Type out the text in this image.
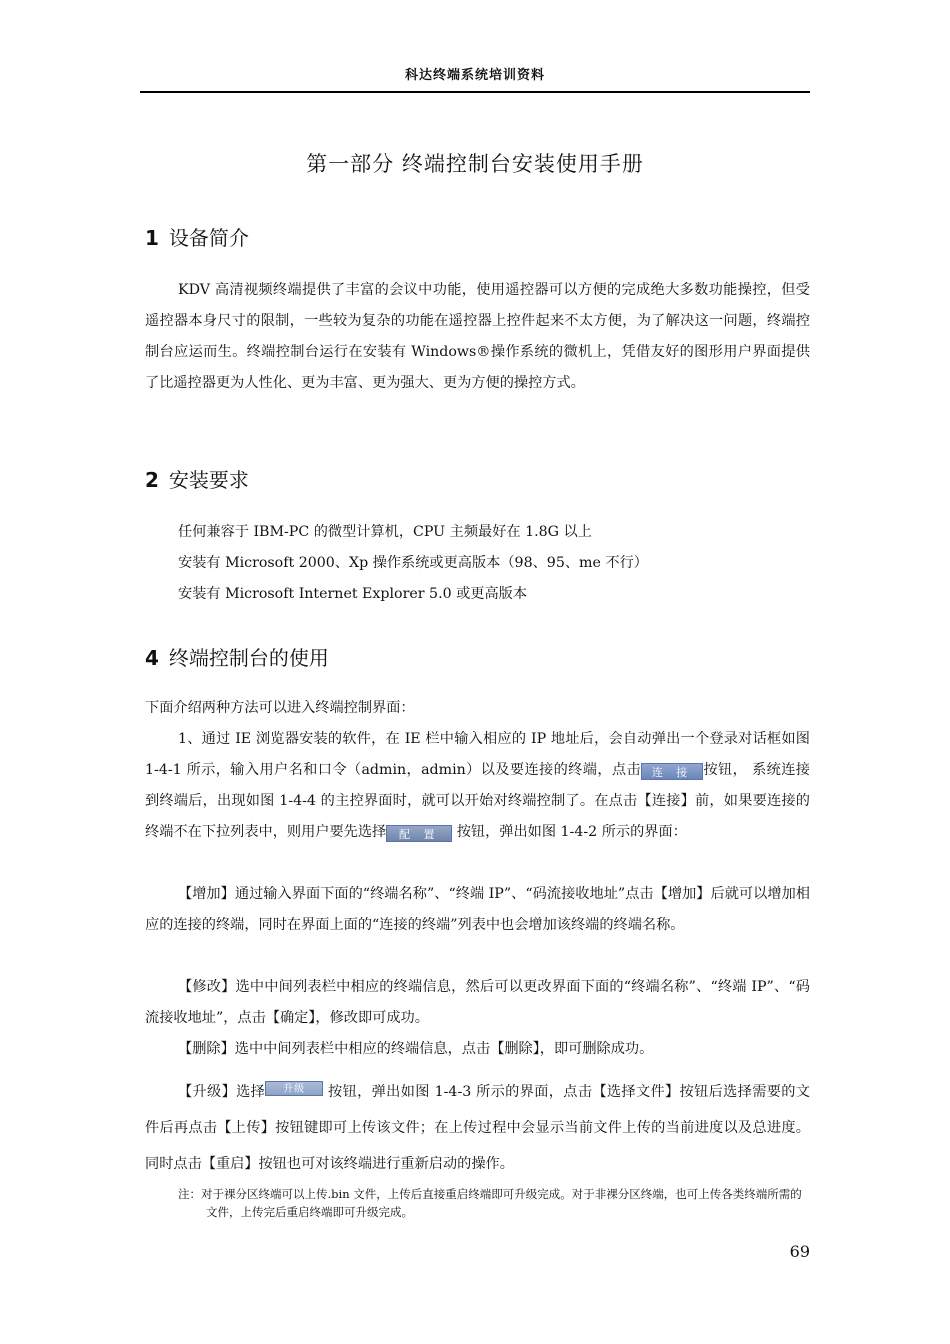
科达终端系统培训资料
第一部分 终端控制台安装使用手册
1 设备简介
KDV 高清视频终端提供了丰富的会议中功能，使用遥控器可以方便的完成绝大多数功能操控，但受遥控器本身尺寸的限制，一些较为复杂的功能在遥控器上控件起来不太方便，为了解决这一问题，终端控制台应运而生。终端控制台运行在安装有 Windows®操作系统的微机上，凭借友好的图形用户界面提供了比遥控器更为人性化、更为丰富、更为强大、更为方便的操控方式。
2 安装要求
任何兼容于 IBM-PC 的微型计算机，CPU 主频最好在 1.8G 以上
安装有 Microsoft 2000、Xp 操作系统或更高版本（98、95、me 不行）
安装有 Microsoft Internet Explorer 5.0 或更高版本
4 终端控制台的使用
下面介绍两种方法可以进入终端控制界面：
1、通过 IE 浏览器安装的软件，在 IE 栏中输入相应的 IP 地址后，会自动弹出一个登录对话框如图 1-4-1 所示，输入用户名和口令（admin，admin）以及要连接的终端，点击 连 接 按钮， 系统连接到终端后，出现如图 1-4-4 的主控界面时，就可以开始对终端控制了。在点击【连接】前，如果要连接的终端不在下拉列表中，则用户要先选择 配 置 按钮，弹出如图 1-4-2 所示的界面：
【增加】通过输入界面下面的“终端名称”、“终端 IP”、“码流接收地址”点击【增加】后就可以增加相应的连接的终端，同时在界面上面的“连接的终端”列表中也会增加该终端的终端名称。
【修改】选中中间列表栏中相应的终端信息，然后可以更改界面下面的“终端名称”、“终端 IP”、“码流接收地址”，点击【确定】，修改即可成功。
【删除】选中中间列表栏中相应的终端信息，点击【删除】，即可删除成功。
【升级】选择 升级 按钮，弹出如图 1-4-3 所示的界面，点击【选择文件】按钮后选择需要的文件后再点击【上传】按钮键即可上传该文件；在上传过程中会显示当前文件上传的当前进度以及总进度。同时点击【重启】按钮也可对该终端进行重新启动的操作。
注：对于裸分区终端可以上传.bin 文件，上传后直接重启终端即可升级完成。对于非裸分区终端，也可上传各类终端所需的文件，上传完后重启终端即可升级完成。
69
